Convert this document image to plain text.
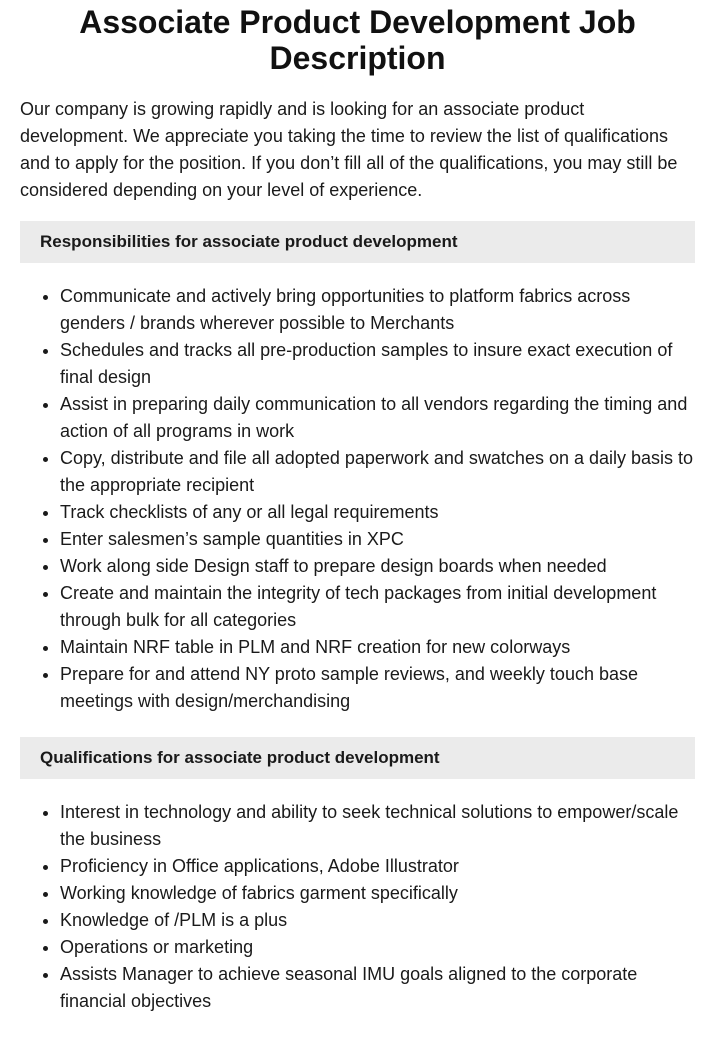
Associate Product Development Job Description

Our company is growing rapidly and is looking for an associate product development. We appreciate you taking the time to review the list of qualifications and to apply for the position. If you don’t fill all of the qualifications, you may still be considered depending on your level of experience.

Responsibilities for associate product development
• Communicate and actively bring opportunities to platform fabrics across genders / brands wherever possible to Merchants
• Schedules and tracks all pre-production samples to insure exact execution of final design
• Assist in preparing daily communication to all vendors regarding the timing and action of all programs in work
• Copy, distribute and file all adopted paperwork and swatches on a daily basis to the appropriate recipient
• Track checklists of any or all legal requirements
• Enter salesmen’s sample quantities in XPC
• Work along side Design staff to prepare design boards when needed
• Create and maintain the integrity of tech packages from initial development through bulk for all categories
• Maintain NRF table in PLM and NRF creation for new colorways
• Prepare for and attend NY proto sample reviews, and weekly touch base meetings with design/merchandising
Qualifications for associate product development
• Interest in technology and ability to seek technical solutions to empower/scale the business
• Proficiency in Office applications, Adobe Illustrator
• Working knowledge of fabrics garment specifically
• Knowledge of /PLM is a plus
• Operations or marketing
• Assists Manager to achieve seasonal IMU goals aligned to the corporate financial objectives
